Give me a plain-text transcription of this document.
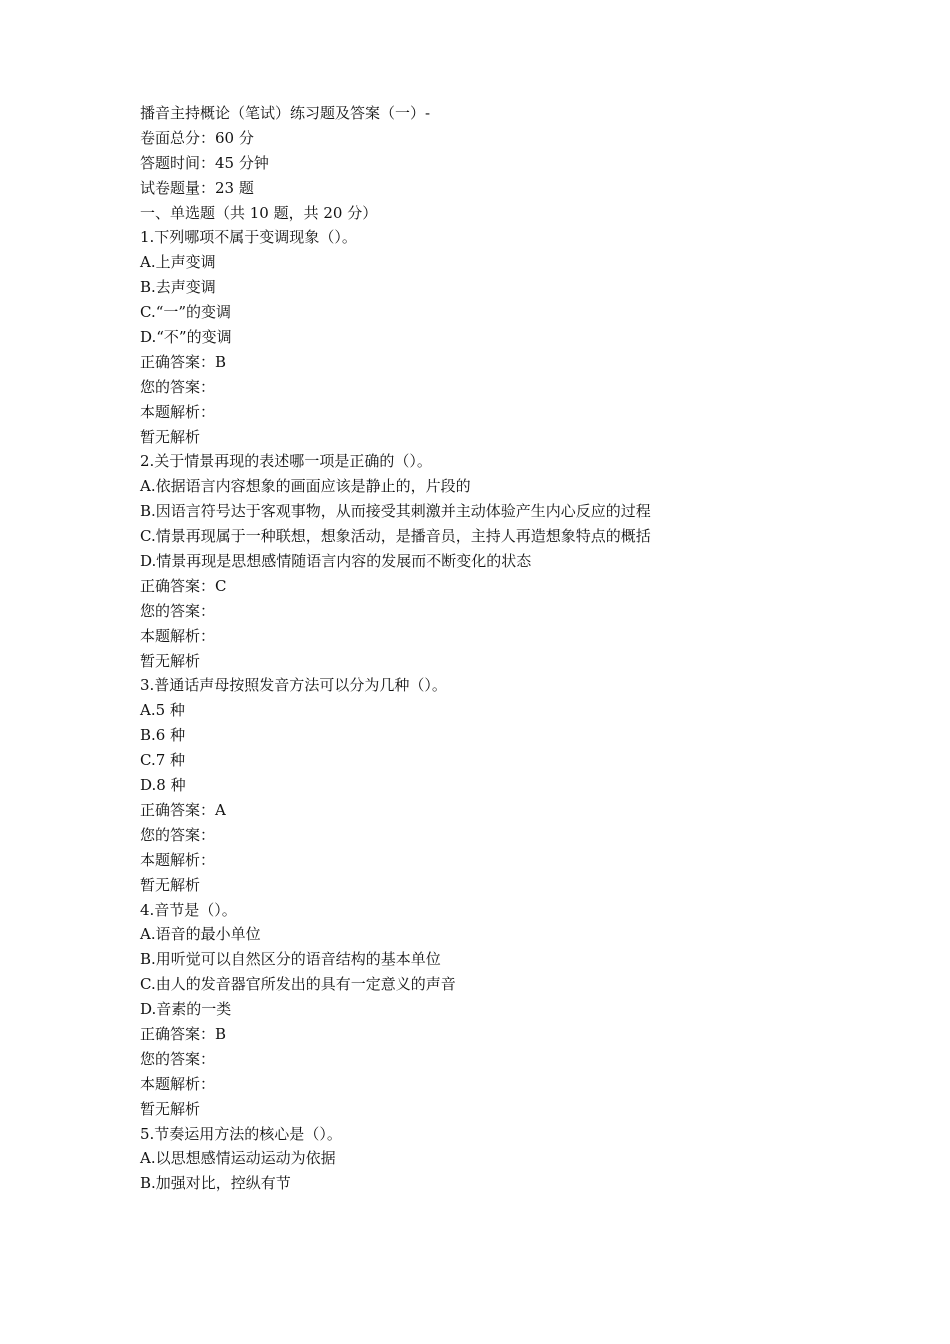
播音主持概论（笔试）练习题及答案（一）-

卷面总分：60 分

答题时间：45 分钟

试卷题量：23 题

一、单选题（共 10 题，共 20 分）

1.下列哪项不属于变调现象（）。

A.上声变调

B.去声变调

C.“一”的变调

D.“不”的变调

正确答案：B

您的答案：

本题解析：

暂无解析

2.关于情景再现的表述哪一项是正确的（）。

A.依据语言内容想象的画面应该是静止的，片段的

B.因语言符号达于客观事物，从而接受其刺激并主动体验产生内心反应的过程

C.情景再现属于一种联想，想象活动，是播音员，主持人再造想象特点的概括

D.情景再现是思想感情随语言内容的发展而不断变化的状态

正确答案：C

您的答案：

本题解析：

暂无解析

3.普通话声母按照发音方法可以分为几种（）。

A.5 种

B.6 种

C.7 种

D.8 种

正确答案：A

您的答案：

本题解析：

暂无解析

4.音节是（）。

A.语音的最小单位

B.用听觉可以自然区分的语音结构的基本单位

C.由人的发音器官所发出的具有一定意义的声音

D.音素的一类

正确答案：B

您的答案：

本题解析：

暂无解析

5.节奏运用方法的核心是（）。

A.以思想感情运动运动为依据

B.加强对比，控纵有节
